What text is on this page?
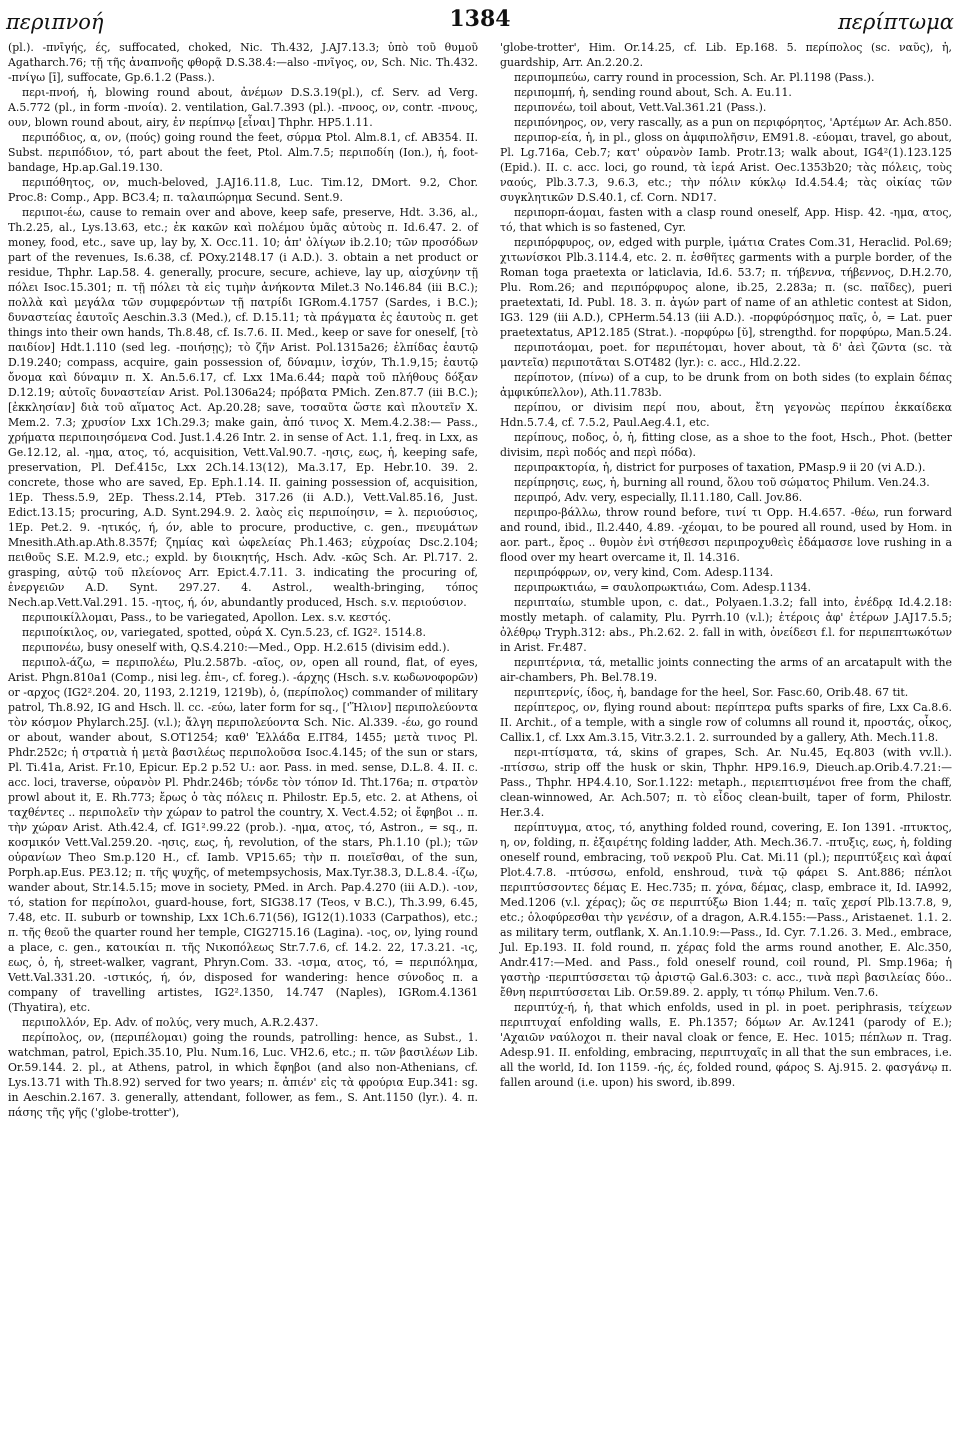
περιπνοή	1384	περίπτωμα

(pl.). -πνῑγής, ές, suffocated, choked, Nic. Th.432, J.AJ7.13.3; ὑπὸ τοῦ θυμοῦ Agatharch.76; τῇ τῆς ἀναπνοῆς φθορᾷ D.S.38.4:—also -πνῖγος, ον, Sch. Nic. Th.432. -πνίγω [ī], suffocate, Gp.6.1.2 (Pass.).

περι-πνοή, ἡ, blowing round about, ἀνέμων D.S.3.19(pl.), cf. Serv. ad Verg. A.5.772 (pl., in form -πνοία). 2. ventilation, Gal.7.393 (pl.). -πνοος, ον, contr. -πνους, ουν, blown round about, airy, ἐν περίπνῳ [εἶναι] Thphr. HP5.1.11.

περιπόδιος, α, ον, (πούς) going round the feet, σύρμα Ptol. Alm.8.1, cf. AB354. II. Subst. περιπόδιον, τό, part about the feet, Ptol. Alm.7.5; περιποδίη (Ion.), ἡ, foot-bandage, Hp.ap.Gal.19.130.

περιπόθητος, ον, much-beloved, J.AJ16.11.8, Luc. Tim.12, DMort. 9.2, Chor. Proc.8: Comp., App. BC3.4; π. ταλαιπώρημα Secund. Sent.9.

περιποι-έω, cause to remain over and above, keep safe, preserve, Hdt. 3.36, al., Th.2.25, al., Lys.13.63, etc.; ἐκ κακῶν καὶ πολέμου ὑμᾶς αὐτοὺς π. Id.6.47. 2. of money, food, etc., save up, lay by, X. Occ.11. 10; ἀπ' ὀλίγων ib.2.10; τῶν προσόδων part of the revenues, Is.6.38, cf. POxy.2148.17 (i A.D.). 3. obtain a net product or residue, Thphr. Lap.58. 4. generally, procure, secure, achieve, lay up, αἰσχύνην τῇ πόλει Isoc.15.301; π. τῇ πόλει τὰ εἰς τιμὴν ἀνήκοντα Milet.3 No.146.84 (iii B.C.); πολλὰ καὶ μεγάλα τῶν συμφερόντων τῇ πατρίδι IGRom.4.1757 (Sardes, i B.C.); δυναστείας ἑαυτοῖς Aeschin.3.3 (Med.), cf. D.15.11; τὰ πράγματα ἐς ἑαυτοὺς π. get things into their own hands, Th.8.48, cf. Is.7.6. II. Med., keep or save for oneself, [τὸ παιδίον] Hdt.1.110 (sed leg. -ποιήσῃς); τὸ ζῆν Arist. Pol.1315a26; ἐλπίδας ἑαυτῷ D.19.240; compass, acquire, gain possession of, δύναμιν, ἰσχύν, Th.1.9,15; ἑαυτῷ ὄνομα καὶ δύναμιν π. X. An.5.6.17, cf. Lxx 1Ma.6.44; παρὰ τοῦ πλήθους δόξαν D.12.19; αὐτοῖς δυναστείαν Arist. Pol.1306a24; πρόβατα PMich. Zen.87.7 (iii B.C.); [ἐκκλησίαν] διὰ τοῦ αἵματος Act. Ap.20.28; save, τοσαῦτα ὥστε καὶ πλουτεῖν X. Mem.2. 7.3; χρυσίον Lxx 1Ch.29.3; make gain, ἀπό τινος X. Mem.4.2.38:— Pass., χρήματα περιποιησόμενα Cod. Just.1.4.26 Intr. 2. in sense of Act. 1.1, freq. in Lxx, as Ge.12.12, al. -ημα, ατος, τό, acquisition, Vett.Val.90.7. -ησις, εως, ἡ, keeping safe, preservation, Pl. Def.415c, Lxx 2Ch.14.13(12), Ma.3.17, Ep. Hebr.10. 39. 2. concrete, those who are saved, Ep. Eph.1.14. II. gaining possession of, acquisition, 1Ep. Thess.5.9, 2Ep. Thess.2.14, PTeb. 317.26 (ii A.D.), Vett.Val.85.16, Just. Edict.13.15; procuring, A.D. Synt.294.9. 2. λαὸς εἰς περιποίησιν, = λ. περιούσιος, 1Ep. Pet.2. 9. -ητικός, ή, όν, able to procure, productive, c. gen., πνευμάτων Mnesith.Ath.ap.Ath.8.357f; ζημίας καὶ ὠφελείας Ph.1.463; εὐχροίας Dsc.2.104; πειθοῦς S.E. M.2.9, etc.; expld. by διοικητής, Hsch. Adv. -κῶς Sch. Ar. Pl.717. 2. grasping, αὐτῷ τοῦ πλείονος Arr. Epict.4.7.11. 3. indicating the procuring of, ἐνεργειῶν A.D. Synt. 297.27. 4. Astrol., wealth-bringing, τόπος Nech.ap.Vett.Val.291. 15. -ητος, ή, όν, abundantly produced, Hsch. s.v. περιούσιον.

περιποικίλλομαι, Pass., to be variegated, Apollon. Lex. s.v. κεστός.

περιποίκιλος, ον, variegated, spotted, οὐρά X. Cyn.5.23, cf. IG2². 1514.8.

περιπονέω, busy oneself with, Q.S.4.210:—Med., Opp. H.2.615 (divisim edd.).

περιπολ-άζω, = περιπολέω, Plu.2.587b. -αῖος, ον, open all round, flat, of eyes, Arist. Phgn.810a1 (Comp., nisi leg. ἐπι-, cf. foreg.). -άρχης (Hsch. s.v. κωδωνοφορῶν) or -αρχος (IG2².204. 20, 1193, 2.1219, 1219b), ὁ, (περίπολος) commander of military patrol, Th.8.92, IG and Hsch. ll. cc. -εύω, later form for sq., ['Ἥλιον] περιπολεύοντα τὸν κόσμον Phylarch.25J. (v.l.); ἄλγη περιπολεύοντα Sch. Nic. Al.339. -έω, go round or about, wander about, S.OT1254; καθ' Ἑλλάδα E.IT84, 1455; μετὰ τινος Pl. Phdr.252c; ἡ στρατιὰ ἡ μετὰ βασιλέως περιπολοῦσα Isoc.4.145; of the sun or stars, Pl. Ti.41a, Arist. Fr.10, Epicur. Ep.2 p.52 U.: aor. Pass. in med. sense, D.L.8. 4. II. c. acc. loci, traverse, οὐρανὸν Pl. Phdr.246b; τόνδε τὸν τόπον Id. Tht.176a; π. στρατὸν prowl about it, E. Rh.773; ἔρως ὁ τὰς πόλεις π. Philostr. Ep.5, etc. 2. at Athens, οἱ ταχθέντες .. περιπολεῖν τὴν χώραν to patrol the country, X. Vect.4.52; οἱ ἔφηβοι .. π. τὴν χώραν Arist. Ath.42.4, cf. IG1².99.22 (prob.). -ημα, ατος, τό, Astron., = sq., π. κοσμικόν Vett.Val.259.20. -ησις, εως, ἡ, revolution, of the stars, Ph.1.10 (pl.); τῶν οὐρανίων Theo Sm.p.120 H., cf. Iamb. VP15.65; τὴν π. ποιεῖσθαι, of the sun, Porph.ap.Eus. PE3.12; π. τῆς ψυχῆς, of metempsychosis, Max.Tyr.38.3, D.L.8.4. -ίζω, wander about, Str.14.5.15; move in society, PMed. in Arch. Pap.4.270 (iii A.D.). -ιον, τό, station for περίπολοι, guard-house, fort, SIG38.17 (Teos, v B.C.), Th.3.99, 6.45, 7.48, etc. II. suburb or township, Lxx 1Ch.6.71(56), IG12(1).1033 (Carpathos), etc.; π. τῆς θεοῦ the quarter round her temple, CIG2715.16 (Lagina). -ιος, ον, lying round a place, c. gen., κατοικίαι π. τῆς Νικοπόλεως Str.7.7.6, cf. 14.2. 22, 17.3.21. -ις, εως, ὁ, ἡ, street-walker, vagrant, Phryn.Com. 33. -ισμα, ατος, τό, = περιπόλημα, Vett.Val.331.20. -ιστικός, ή, όν, disposed for wandering: hence σύνοδος π. a company of travelling artistes, IG2².1350, 14.747 (Naples), IGRom.4.1361 (Thyatira), etc.

περιπολλόν, Ep. Adv. of πολύς, very much, A.R.2.437.

περίπολος, ον, (περιπέλομαι) going the rounds, patrolling: hence, as Subst., 1. watchman, patrol, Epich.35.10, Plu. Num.16, Luc. VH2.6, etc.; π. τῶν βασιλέων Lib. Or.59.144. 2. pl., at Athens, patrol, in which ἔφηβοι (and also non-Athenians, cf. Lys.13.71 with Th.8.92) served for two years; π. ἀπιέν' εἰς τὰ φρούρια Eup.341: sg. in Aeschin.2.167. 3. generally, attendant, follower, as fem., S. Ant.1150 (lyr.). 4. π. πάσης τῆς γῆς ('globe-trotter'),

'globe-trotter', Him. Or.14.25, cf. Lib. Ep.168. 5. περίπολος (sc. ναῦς), ἡ, guardship, Arr. An.2.20.2.

περιπομπεύω, carry round in procession, Sch. Ar. Pl.1198 (Pass.).

περιπομπή, ἡ, sending round about, Sch. A. Eu.11.

περιπονέω, toil about, Vett.Val.361.21 (Pass.).

περιπόνηρος, ον, very rascally, as a pun on περιφόρητος, 'Αρτέμων Ar. Ach.850.

περιπορ-εία, ἡ, in pl., gloss on ἀμφιπολῆσιν, EM91.8. -εύομαι, travel, go about, Pl. Lg.716a, Ceb.7; κατ' οὐρανὸν Iamb. Protr.13; walk about, IG4²(1).123.125 (Epid.). II. c. acc. loci, go round, τὰ ἱερά Arist. Oec.1353b20; τὰς πόλεις, τοὺς ναούς, Plb.3.7.3, 9.6.3, etc.; τὴν πόλιν κύκλῳ Id.4.54.4; τὰς οἰκίας τῶν συγκλητικῶν D.S.40.1, cf. Corn. ND17.

περιπορπ-άομαι, fasten with a clasp round oneself, App. Hisp. 42. -ημα, ατος, τό, that which is so fastened, Cyr.

περιπόρφυρος, ον, edged with purple, ἱμάτια Crates Com.31, Heraclid. Pol.69; χιτωνίσκοι Plb.3.114.4, etc. 2. π. ἐσθῆτες garments with a purple border, of the Roman toga praetexta or laticlavia, Id.6. 53.7; π. τήβεννα, τήβεννος, D.H.2.70, Plu. Rom.26; and περιπόρφυρος alone, ib.25, 2.283a; π. (sc. παῖδες), pueri praetextati, Id. Publ. 18. 3. π. ἀγών part of name of an athletic contest at Sidon, IG3. 129 (iii A.D.), CPHerm.54.13 (iii A.D.). -πορφύρόσημος παῖς, ὁ, = Lat. puer praetextatus, AP12.185 (Strat.). -πορφύρω [ῠ], strengthd. for πορφύρω, Man.5.24.

περιποτάομαι, poet. for περιπέτομαι, hover about, τὰ δ' ἀεὶ ζῶντα (sc. τὰ μαντεῖα) περιποτᾶται S.OT482 (lyr.): c. acc., Hld.2.22.

περίποτον, (πίνω) of a cup, to be drunk from on both sides (to explain δέπας ἀμφικύπελλον), Ath.11.783b.

περίπου, or divisim περί που, about, ἔτη γεγονὼς περίπου ἑκκαίδεκα Hdn.5.7.4, cf. 7.5.2, Paul.Aeg.4.1, etc.

περίπους, ποδος, ὁ, ἡ, fitting close, as a shoe to the foot, Hsch., Phot. (better divisim, περὶ ποδός and περὶ πόδα).

περιπρακτορία, ἡ, district for purposes of taxation, PMasp.9 ii 20 (vi A.D.).

περίπρησις, εως, ἡ, burning all round, ὅλου τοῦ σώματος Philum. Ven.24.3.

περιπρό, Adv. very, especially, Il.11.180, Call. Jov.86.

περιπρο-βάλλω, throw round before, τινί τι Opp. H.4.657. -θέω, run forward and round, ibid., Il.2.440, 4.89. -χέομαι, to be poured all round, used by Hom. in aor. part., ἔρος .. θυμὸν ἐνὶ στήθεσσι περιπροχυθεὶς ἐδάμασσε love rushing in a flood over my heart overcame it, Il. 14.316.

περιπρόφρων, ον, very kind, Com. Adesp.1134.

περιπρωκτιάω, = σαυλοπρωκτιάω, Com. Adesp.1134.

περιπταίω, stumble upon, c. dat., Polyaen.1.3.2; fall into, ἐνέδρᾳ Id.4.2.18: mostly metaph. of calamity, Plu. Pyrrh.10 (v.l.); ἑτέροις ἀφ' ἑτέρων J.AJ17.5.5; ὀλέθρῳ Tryph.312: abs., Ph.2.62. 2. fall in with, ὀνείδεσι f.l. for περιπεπτωκότων in Arist. Fr.487.

περιπτέρνια, τά, metallic joints connecting the arms of an arcatapult with the air-chambers, Ph. Bel.78.19.

περιπτερνίς, ίδος, ἡ, bandage for the heel, Sor. Fasc.60, Orib.48. 67 tit.

περίπτερος, ον, flying round about: περίπτερα pufts sparks of fire, Lxx Ca.8.6. II. Archit., of a temple, with a single row of columns all round it, προστάς, οἶκος, Callix.1, cf. Lxx Am.3.15, Vitr.3.2.1. 2. surrounded by a gallery, Ath. Mech.11.8.

περι-πτίσματα, τά, skins of grapes, Sch. Ar. Nu.45, Eq.803 (with vv.ll.). -πτίσσω, strip off the husk or skin, Thphr. HP9.16.9, Dieuch.ap.Orib.4.7.21:—Pass., Thphr. HP4.4.10, Sor.1.122: metaph., περιεπτισμένοι free from the chaff, clean-winnowed, Ar. Ach.507; π. τὸ εἶδος clean-built, taper of form, Philostr. Her.3.4.

περίπτυγμα, ατος, τό, anything folded round, covering, E. Ion 1391. -πτυκτος, η, ον, folding, π. ἐξαιρέτης folding ladder, Ath. Mech.36.7. -πτυξις, εως, ἡ, folding oneself round, embracing, τοῦ νεκροῦ Plu. Cat. Mi.11 (pl.); περιπτύξεις καὶ ἁφαί Plot.4.7.8. -πτύσσω, enfold, enshroud, τινὰ τῷ φάρει S. Ant.886; πέπλοι περιπτύσσοντες δέμας E. Hec.735; π. χόνα, δέμας, clasp, embrace it, Id. IA992, Med.1206 (v.l. χέρας); ὥς σε περιπτύξω Bion 1.44; π. ταῖς χερσί Plb.13.7.8, 9, etc.; ὁλοφύρεσθαι τὴν γενέσιν, of a dragon, A.R.4.155:—Pass., Aristaenet. 1.1. 2. as military term, outflank, X. An.1.10.9:—Pass., Id. Cyr. 7.1.26. 3. Med., embrace, Jul. Ep.193. II. fold round, π. χέρας fold the arms round another, E. Alc.350, Andr.417:—Med. and Pass., fold oneself round, coil round, Pl. Smp.196a; ἡ γαστὴρ ·περιπτύσσεται τῷ ἀριστῷ Gal.6.303: c. acc., τινὰ περὶ βασιλείας δύο.. ἔθνη περιπτύσσεται Lib. Or.59.89. 2. apply, τι τόπῳ Philum. Ven.7.6.

περιπτύχ-ή, ἡ, that which enfolds, used in pl. in poet. periphrasis, τείχεων περιπτυχαί enfolding walls, E. Ph.1357; δόμων Ar. Av.1241 (parody of E.); 'Αχαιῶν ναύλοχοι π. their naval cloak or fence, E. Hec. 1015; πέπλων π. Trag. Adesp.91. II. enfolding, embracing, περιπτυχαῖς in all that the sun embraces, i.e. all the world, Id. Ion 1159. -ής, ές, folded round, φάρος S. Aj.915. 2. φασγάνῳ π. fallen around (i.e. upon) his sword, ib.899.
